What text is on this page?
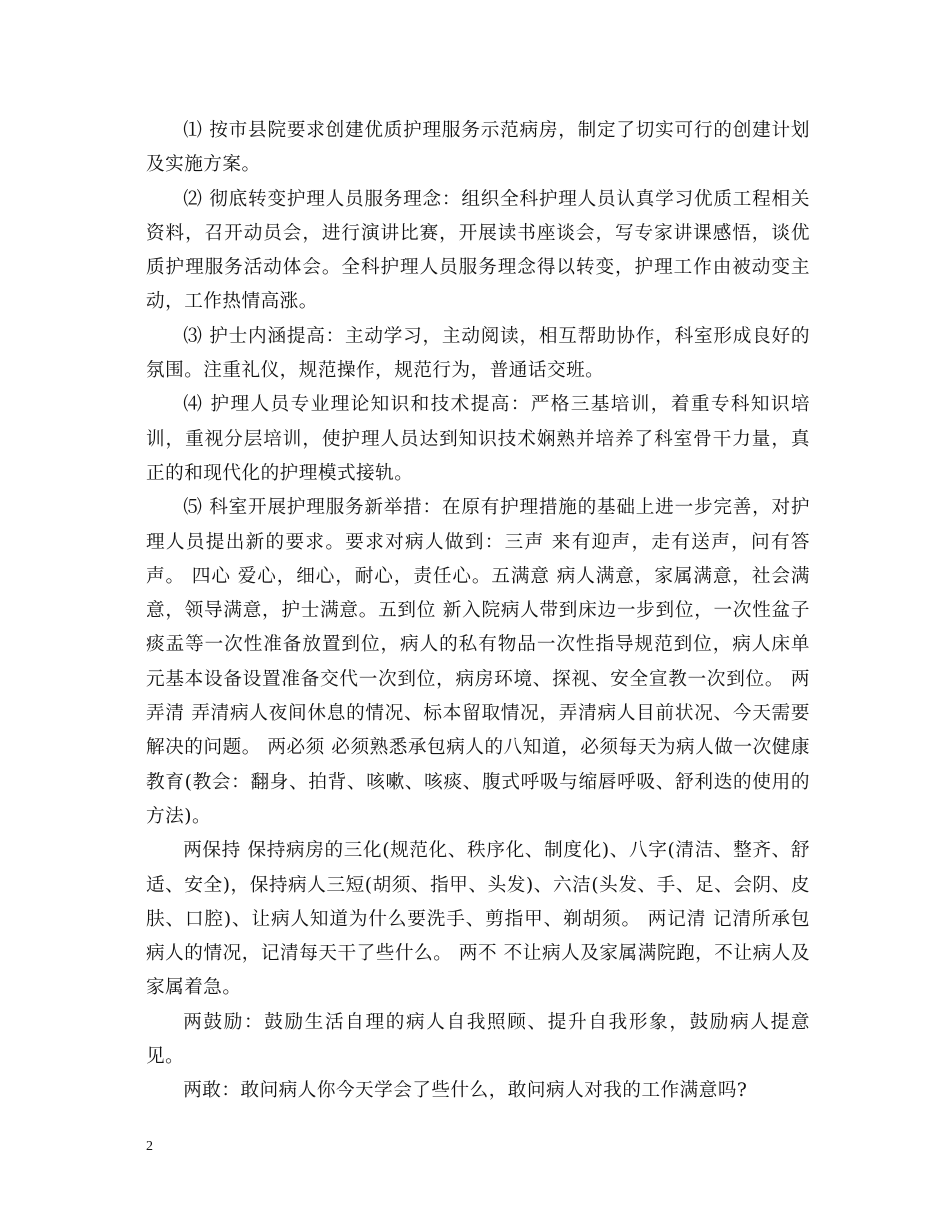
⑴ 按市县院要求创建优质护理服务示范病房，制定了切实可行的创建计划及实施方案。

⑵ 彻底转变护理人员服务理念：组织全科护理人员认真学习优质工程相关资料，召开动员会，进行演讲比赛，开展读书座谈会，写专家讲课感悟，谈优质护理服务活动体会。全科护理人员服务理念得以转变，护理工作由被动变主动，工作热情高涨。

⑶ 护士内涵提高：主动学习，主动阅读，相互帮助协作，科室形成良好的氛围。注重礼仪，规范操作，规范行为，普通话交班。

⑷ 护理人员专业理论知识和技术提高：严格三基培训，着重专科知识培训，重视分层培训，使护理人员达到知识技术娴熟并培养了科室骨干力量，真正的和现代化的护理模式接轨。

⑸ 科室开展护理服务新举措：在原有护理措施的基础上进一步完善，对护理人员提出新的要求。要求对病人做到：三声 来有迎声，走有送声，问有答声。 四心 爱心，细心，耐心，责任心。五满意 病人满意，家属满意，社会满意，领导满意，护士满意。五到位 新入院病人带到床边一步到位，一次性盆子痰盂等一次性准备放置到位，病人的私有物品一次性指导规范到位，病人床单元基本设备设置准备交代一次到位，病房环境、探视、安全宣教一次到位。 两弄清 弄清病人夜间休息的情况、标本留取情况，弄清病人目前状况、今天需要解决的问题。 两必须 必须熟悉承包病人的八知道，必须每天为病人做一次健康教育(教会：翻身、拍背、咳嗽、咳痰、腹式呼吸与缩唇呼吸、舒利迭的使用的方法)。

两保持 保持病房的三化(规范化、秩序化、制度化)、八字(清洁、整齐、舒适、安全)，保持病人三短(胡须、指甲、头发)、六洁(头发、手、足、会阴、皮肤、口腔)、让病人知道为什么要洗手、剪指甲、剃胡须。 两记清 记清所承包病人的情况，记清每天干了些什么。 两不 不让病人及家属满院跑，不让病人及家属着急。

两鼓励：鼓励生活自理的病人自我照顾、提升自我形象，鼓励病人提意见。

两敢：敢问病人你今天学会了些什么，敢问病人对我的工作满意吗?

2
